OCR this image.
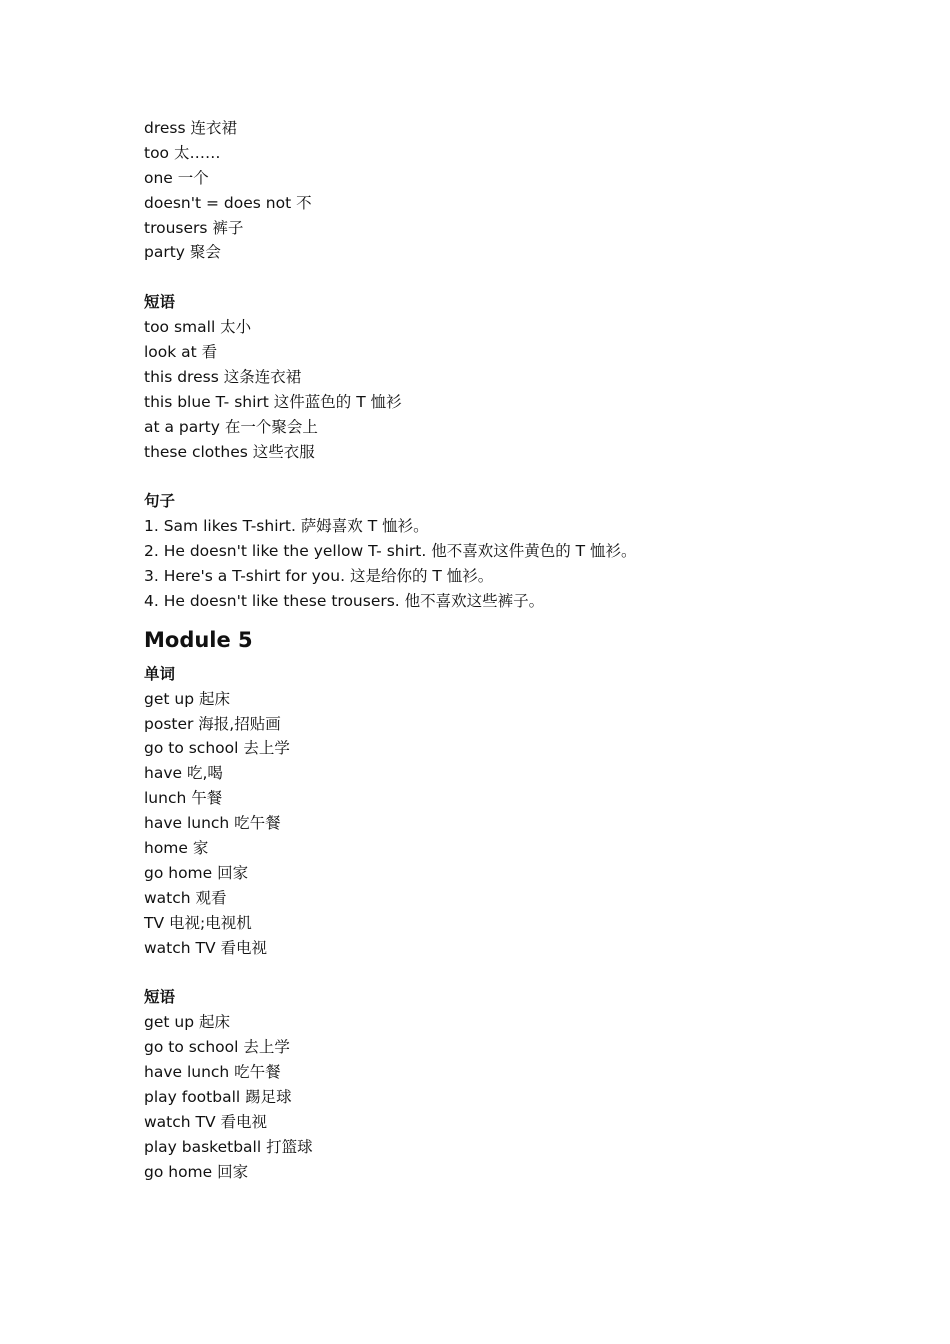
dress 连衣裙
too 太……
one 一个
doesn't = does not 不
trousers 裤子
party 聚会
短语
too small 太小
look at 看
this dress 这条连衣裙
this blue T- shirt 这件蓝色的 T 恤衫
at a party 在一个聚会上
these clothes 这些衣服
句子
1. Sam likes T-shirt. 萨姆喜欢 T 恤衫。
2. He doesn't like the yellow T- shirt. 他不喜欢这件黄色的 T 恤衫。
3. Here's a T-shirt for you. 这是给你的 T 恤衫。
4. He doesn't like these trousers. 他不喜欢这些裤子。
Module 5
单词
get up 起床
poster 海报,招贴画
go to school 去上学
have 吃,喝
lunch 午餐
have lunch 吃午餐
home 家
go home 回家
watch 观看
TV 电视;电视机
watch TV 看电视
短语
get up 起床
go to school 去上学
have lunch 吃午餐
play football 踢足球
watch TV 看电视
play basketball 打篮球
go home 回家
